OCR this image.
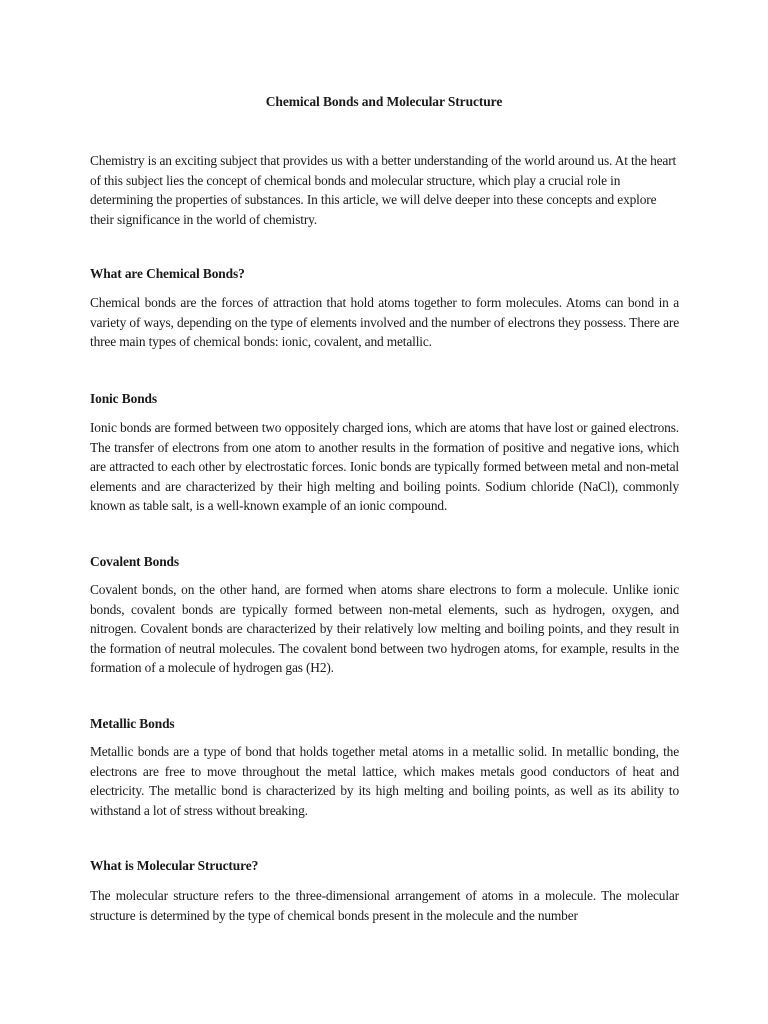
Chemical Bonds and Molecular Structure

Chemistry is an exciting subject that provides us with a better understanding of the world around us. At the heart of this subject lies the concept of chemical bonds and molecular structure, which play a crucial role in determining the properties of substances. In this article, we will delve deeper into these concepts and explore their significance in the world of chemistry.

What are Chemical Bonds?

Chemical bonds are the forces of attraction that hold atoms together to form molecules. Atoms can bond in a variety of ways, depending on the type of elements involved and the number of electrons they possess. There are three main types of chemical bonds: ionic, covalent, and metallic.

Ionic Bonds

Ionic bonds are formed between two oppositely charged ions, which are atoms that have lost or gained electrons. The transfer of electrons from one atom to another results in the formation of positive and negative ions, which are attracted to each other by electrostatic forces. Ionic bonds are typically formed between metal and non-metal elements and are characterized by their high melting and boiling points. Sodium chloride (NaCl), commonly known as table salt, is a well-known example of an ionic compound.

Covalent Bonds

Covalent bonds, on the other hand, are formed when atoms share electrons to form a molecule. Unlike ionic bonds, covalent bonds are typically formed between non-metal elements, such as hydrogen, oxygen, and nitrogen. Covalent bonds are characterized by their relatively low melting and boiling points, and they result in the formation of neutral molecules. The covalent bond between two hydrogen atoms, for example, results in the formation of a molecule of hydrogen gas (H2).

Metallic Bonds

Metallic bonds are a type of bond that holds together metal atoms in a metallic solid. In metallic bonding, the electrons are free to move throughout the metal lattice, which makes metals good conductors of heat and electricity. The metallic bond is characterized by its high melting and boiling points, as well as its ability to withstand a lot of stress without breaking.

What is Molecular Structure?

The molecular structure refers to the three-dimensional arrangement of atoms in a molecule. The molecular structure is determined by the type of chemical bonds present in the molecule and the number
